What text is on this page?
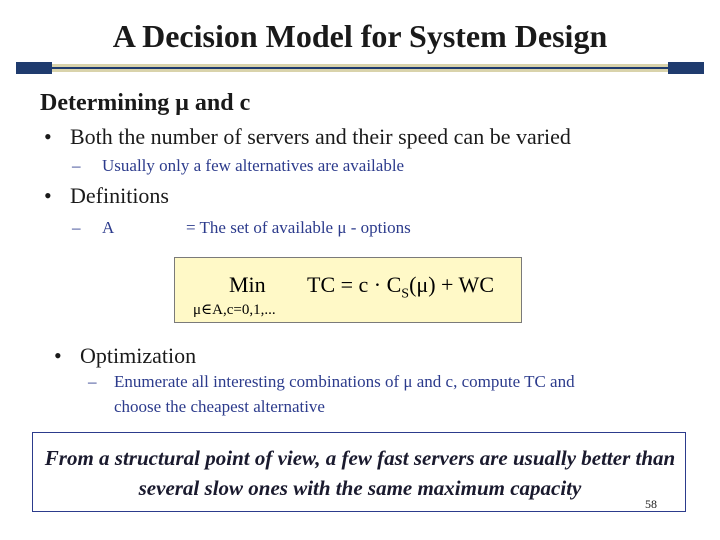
A Decision Model for System Design
Determining μ and c
• Both the number of servers and their speed can be varied
– Usually only a few alternatives are available
• Definitions
– A	= The set of available μ - options
Min TC = $c \cdot C_S(\mu)$ + WC
μ∈A,c=0,1,...
• Optimization
– Enumerate all interesting combinations of μ and c, compute TC and
choose the cheapest alternative
From a structural point of view, a few fast servers are usually better than several slow ones with the same maximum capacity
58
